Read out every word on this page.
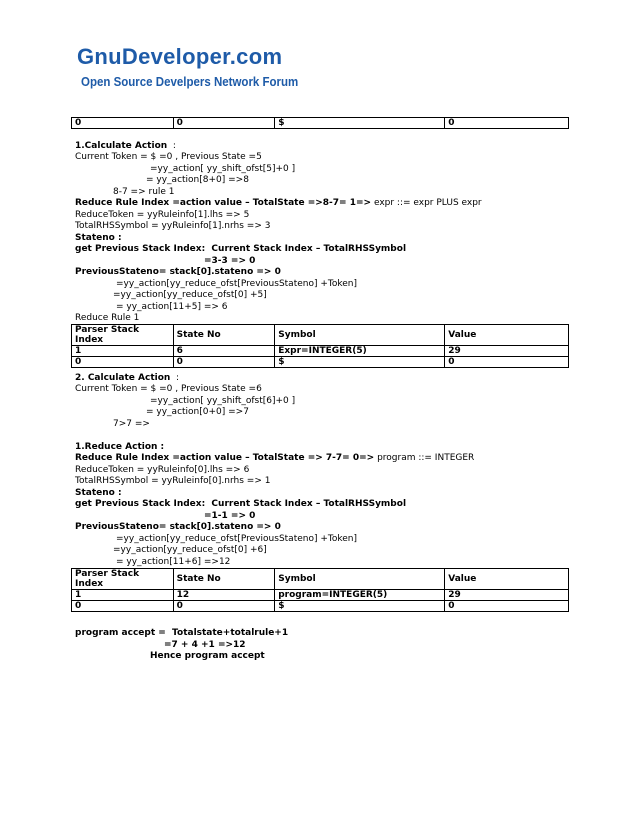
GnuDeveloper.com
Open Source Develpers Network Forum
0	0	$	0
1.Calculate Action :
Current Token = $ =0 , Previous State =5
=yy_action[ yy_shift_ofst[5]+0 ]
= yy_action[8+0] =>8
8-7 => rule 1
Reduce Rule Index =action value – TotalState =>8-7= 1=> expr ::= expr PLUS expr
ReduceToken = yyRuleinfo[1].lhs => 5
TotalRHSSymbol = yyRuleinfo[1].nrhs => 3
Stateno :
get Previous Stack Index:  Current Stack Index – TotalRHSSymbol
=3-3 => 0
PreviousStateno= stack[0].stateno => 0
=yy_action[yy_reduce_ofst[PreviousStateno] +Token]
=yy_action[yy_reduce_ofst[0] +5]
= yy_action[11+5] => 6
Reduce Rule 1
Parser Stack Index	State No	Symbol	Value
1	6	Expr=INTEGER(5)	29
0	0	$	0
2. Calculate Action :
Current Token = $ =0 , Previous State =6
=yy_action[ yy_shift_ofst[6]+0 ]
= yy_action[0+0] =>7
7>7 =>
1.Reduce Action :
Reduce Rule Index =action value – TotalState => 7-7= 0=> program ::= INTEGER
ReduceToken = yyRuleinfo[0].lhs => 6
TotalRHSSymbol = yyRuleinfo[0].nrhs => 1
Stateno :
get Previous Stack Index:  Current Stack Index – TotalRHSSymbol
=1-1 => 0
PreviousStateno= stack[0].stateno => 0
=yy_action[yy_reduce_ofst[PreviousStateno] +Token]
=yy_action[yy_reduce_ofst[0] +6]
= yy_action[11+6] =>12
Parser Stack Index	State No	Symbol	Value
1	12	program=INTEGER(5)	29
0	0	$	0
program accept =  Totalstate+totalrule+1
=7 + 4 +1 =>12
Hence program accept
